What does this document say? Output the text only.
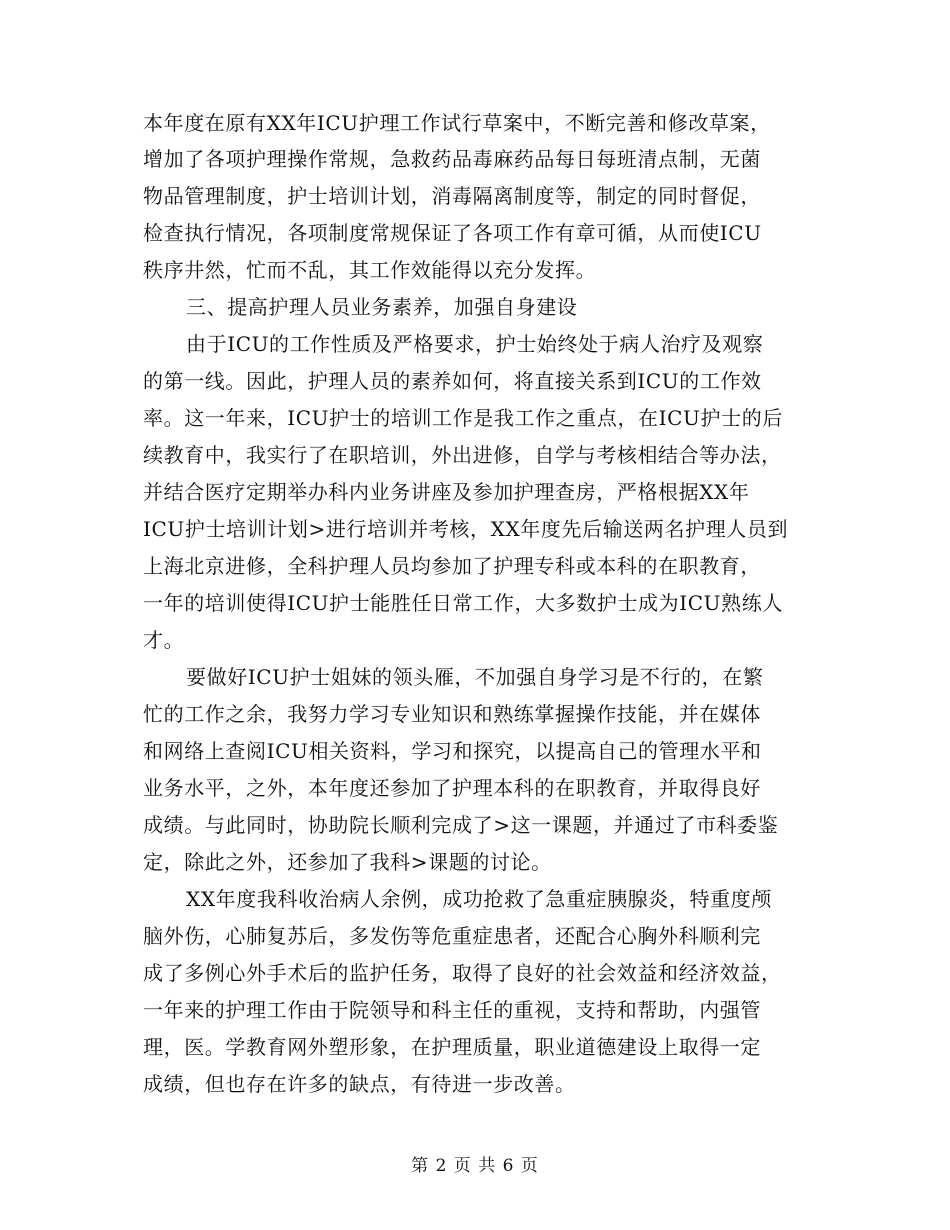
本年度在原有XX年ICU护理工作试行草案中，不断完善和修改草案，
增加了各项护理操作常规，急救药品毒麻药品每日每班清点制，无菌
物品管理制度，护士培训计划，消毒隔离制度等，制定的同时督促，
检查执行情况，各项制度常规保证了各项工作有章可循，从而使ICU
秩序井然，忙而不乱，其工作效能得以充分发挥。
三、提高护理人员业务素养，加强自身建设
由于ICU的工作性质及严格要求，护士始终处于病人治疗及观察
的第一线。因此，护理人员的素养如何，将直接关系到ICU的工作效
率。这一年来，ICU护士的培训工作是我工作之重点，在ICU护士的后
续教育中，我实行了在职培训，外出进修，自学与考核相结合等办法，
并结合医疗定期举办科内业务讲座及参加护理查房，严格根据XX年
ICU护士培训计划>进行培训并考核，XX年度先后输送两名护理人员到
上海北京进修，全科护理人员均参加了护理专科或本科的在职教育，
一年的培训使得ICU护士能胜任日常工作，大多数护士成为ICU熟练人
才。
要做好ICU护士姐妹的领头雁，不加强自身学习是不行的，在繁
忙的工作之余，我努力学习专业知识和熟练掌握操作技能，并在媒体
和网络上查阅ICU相关资料，学习和探究，以提高自己的管理水平和
业务水平，之外，本年度还参加了护理本科的在职教育，并取得良好
成绩。与此同时，协助院长顺利完成了>这一课题，并通过了市科委鉴
定，除此之外，还参加了我科>课题的讨论。
XX年度我科收治病人余例，成功抢救了急重症胰腺炎，特重度颅
脑外伤，心肺复苏后，多发伤等危重症患者，还配合心胸外科顺利完
成了多例心外手术后的监护任务，取得了良好的社会效益和经济效益，
一年来的护理工作由于院领导和科主任的重视，支持和帮助，内强管
理，医。学教育网外塑形象，在护理质量，职业道德建设上取得一定
成绩，但也存在许多的缺点，有待进一步改善。
第 2 页 共 6 页
